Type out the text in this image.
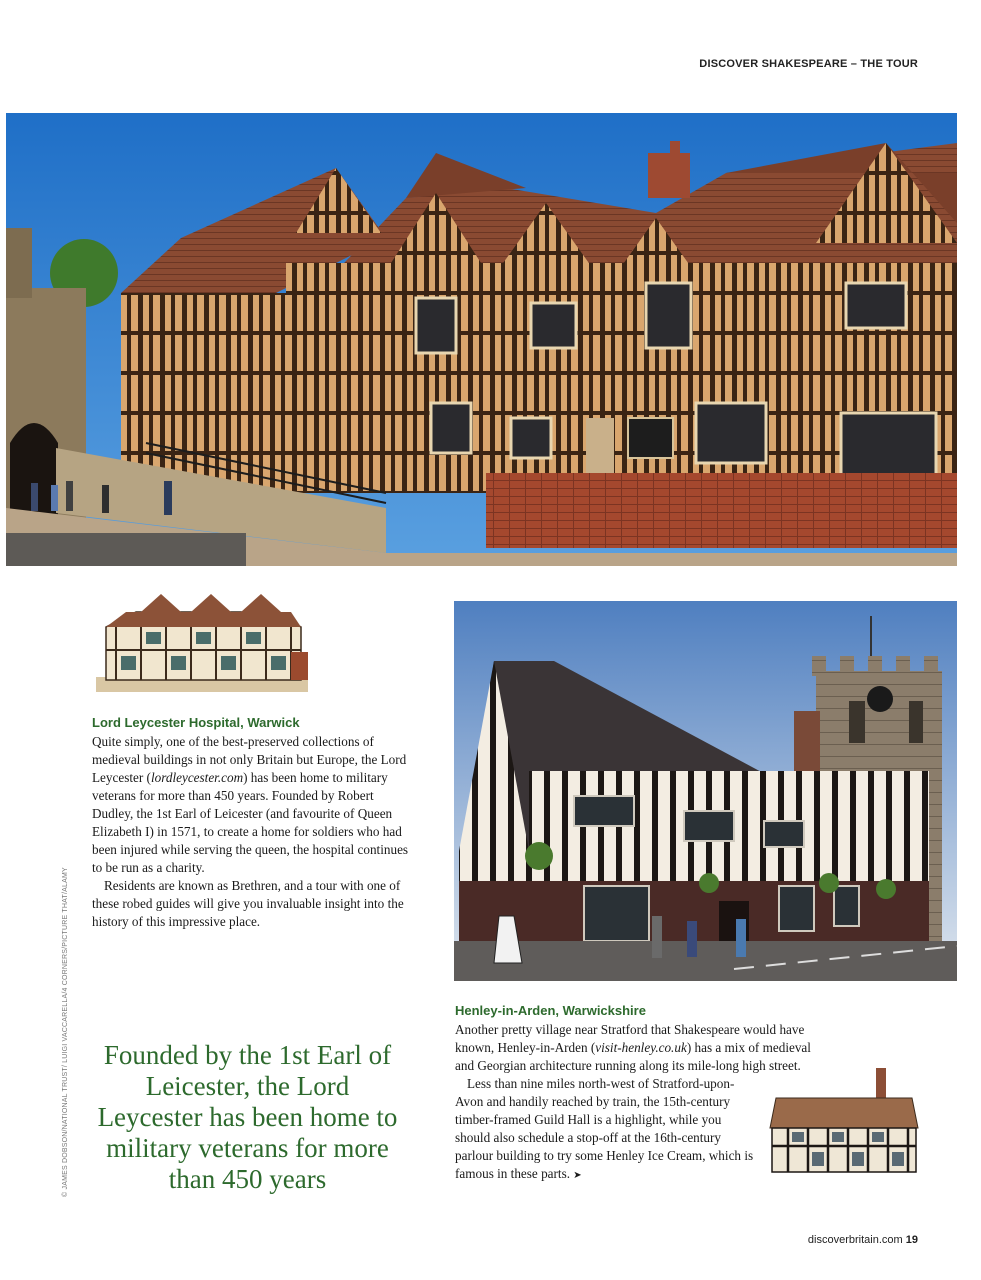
DISCOVER SHAKESPEARE – THE TOUR
Lord Leycester Hospital, Warwick

Quite simply, one of the best-preserved collections of medieval buildings in not only Britain but Europe, the Lord Leycester (lordleycester.com) has been home to military veterans for more than 450 years. Founded by Robert Dudley, the 1st Earl of Leicester (and favourite of Queen Elizabeth I) in 1571, to create a home for soldiers who had been injured while serving the queen, the hospital continues to be run as a charity.

Residents are known as Brethren, and a tour with one of these robed guides will give you invaluable insight into the history of this impressive place.

Founded by the 1st Earl of Leicester, the Lord Leycester has been home to military veterans for more than 450 years
© JAMES DOBSON/NATIONAL TRUST/ LUIGI VACCARELLA/4 CORNERS/PICTURE THAT/ALAMY	Henley-in-Arden, Warwickshire

Another pretty village near Stratford that Shakespeare would have known, Henley-in-Arden (visit-henley.co.uk) has a mix of medieval and Georgian architecture running along its mile-long high street.

Less than nine miles north-west of Stratford-upon-Avon and handily reached by train, the 15th-century timber-framed Guild Hall is a highlight, while you should also schedule a stop-off at the 16th-century parlour building to try some Henley Ice Cream, which is famous in these parts. ➤

discoverbritain.com 19
